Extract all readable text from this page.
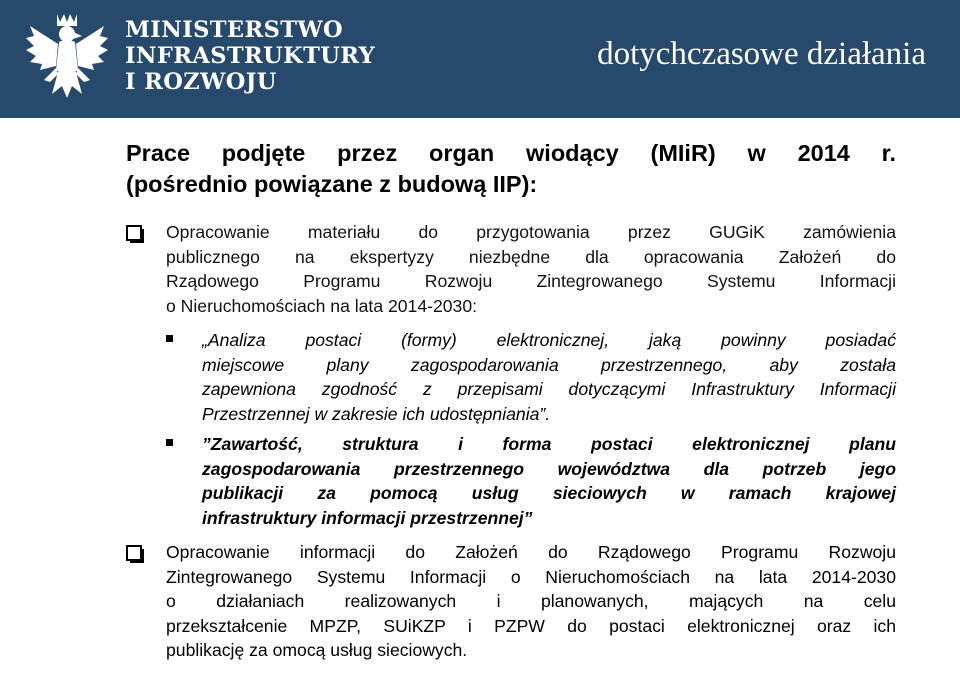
MINISTERSTWO
INFRASTRUKTURY
I ROZWOJU
dotychczasowe działania
Prace podjęte przez organ wiodący (MIiR) w 2014 r.
(pośrednio powiązane z budową IIP):
Opracowanie materiału do przygotowania przez GUGiK zamówienia
publicznego na ekspertyzy niezbędne dla opracowania Założeń do
Rządowego Programu Rozwoju Zintegrowanego Systemu Informacji
o Nieruchomościach na lata 2014-2030:
„Analiza postaci (formy) elektronicznej, jaką powinny posiadać
miejscowe plany zagospodarowania przestrzennego, aby została
zapewniona zgodność z przepisami dotyczącymi Infrastruktury Informacji
Przestrzennej w zakresie ich udostępniania”.
”Zawartość, struktura i forma postaci elektronicznej planu
zagospodarowania przestrzennego województwa dla potrzeb jego
publikacji za pomocą usług sieciowych w ramach krajowej
infrastruktury informacji przestrzennej”
Opracowanie informacji do Założeń do Rządowego Programu Rozwoju
Zintegrowanego Systemu Informacji o Nieruchomościach na lata 2014-2030
o działaniach realizowanych i planowanych, mających na celu
przekształcenie MPZP, SUiKZP i PZPW do postaci elektronicznej oraz ich
publikację za omocą usług sieciowych.
